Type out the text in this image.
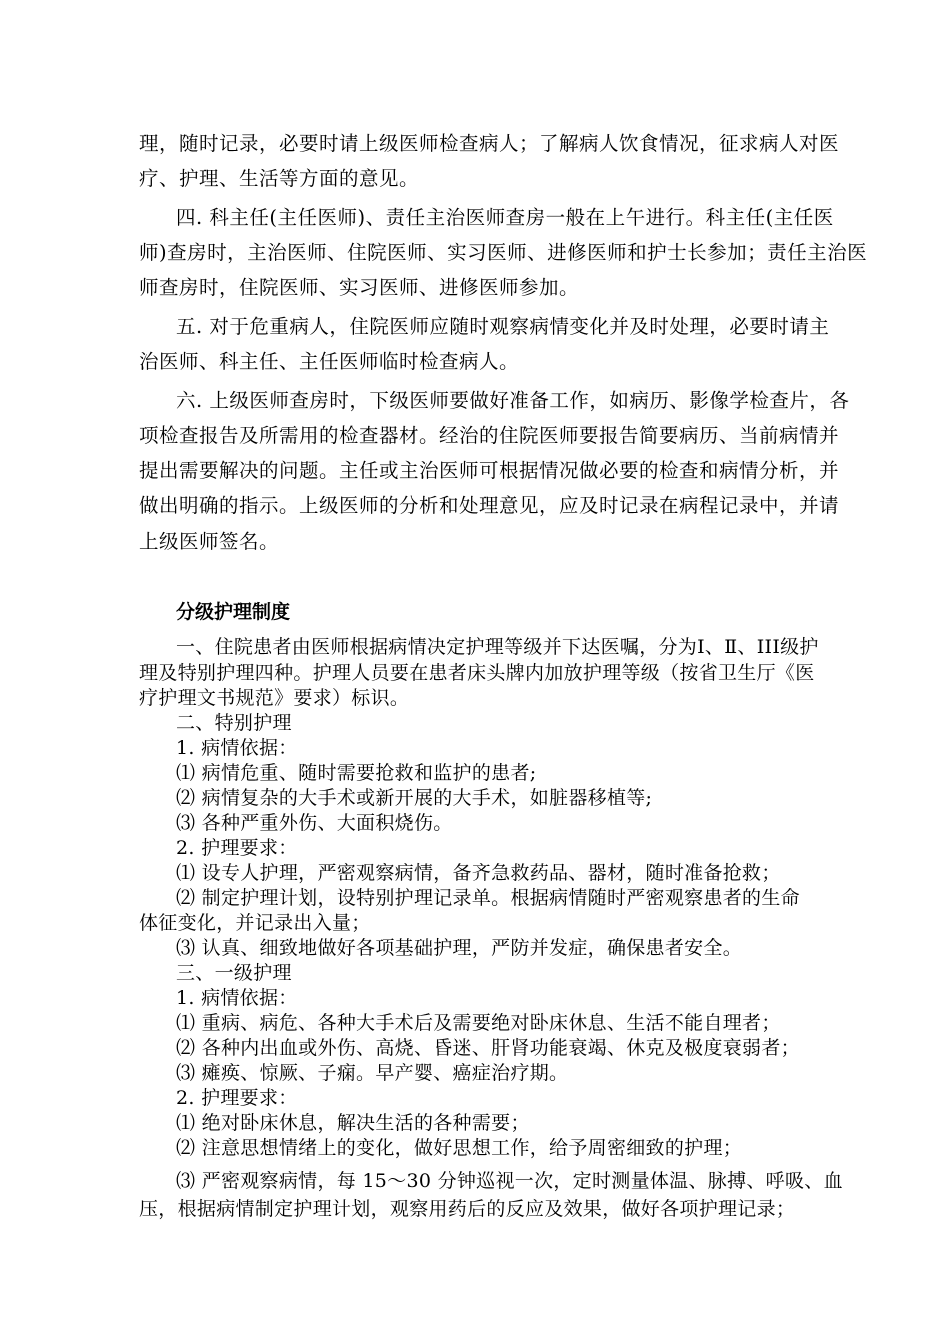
理，随时记录，必要时请上级医师检查病人；了解病人饮食情况，征求病人对医
疗、护理、生活等方面的意见。
四. 科主任(主任医师)、责任主治医师查房一般在上午进行。科主任(主任医
师)查房时，主治医师、住院医师、实习医师、进修医师和护士长参加；责任主治医
师查房时，住院医师、实习医师、进修医师参加。
五. 对于危重病人，住院医师应随时观察病情变化并及时处理，必要时请主
治医师、科主任、主任医师临时检查病人。
六. 上级医师查房时，下级医师要做好准备工作，如病历、影像学检查片，各
项检查报告及所需用的检查器材。经治的住院医师要报告简要病历、当前病情并
提出需要解决的问题。主任或主治医师可根据情况做必要的检查和病情分析，并
做出明确的指示。上级医师的分析和处理意见，应及时记录在病程记录中，并请
上级医师签名。
分级护理制度
一、住院患者由医师根据病情决定护理等级并下达医嘱，分为Ⅰ、Ⅱ、III级护
理及特别护理四种。护理人员要在患者床头牌内加放护理等级（按省卫生厅《医
疗护理文书规范》要求）标识。
二、特别护理
1. 病情依据：
⑴ 病情危重、随时需要抢救和监护的患者;
⑵ 病情复杂的大手术或新开展的大手术，如脏器移植等;
⑶ 各种严重外伤、大面积烧伤。
2. 护理要求：
⑴ 设专人护理，严密观察病情，备齐急救药品、器材，随时准备抢救；
⑵ 制定护理计划，设特别护理记录单。根据病情随时严密观察患者的生命
体征变化，并记录出入量；
⑶ 认真、细致地做好各项基础护理，严防并发症，确保患者安全。
三、一级护理
1. 病情依据：
⑴ 重病、病危、各种大手术后及需要绝对卧床休息、生活不能自理者；
⑵ 各种内出血或外伤、高烧、昏迷、肝肾功能衰竭、休克及极度衰弱者；
⑶ 瘫痪、惊厥、子痫。早产婴、癌症治疗期。
2. 护理要求：
⑴ 绝对卧床休息，解决生活的各种需要；
⑵ 注意思想情绪上的变化，做好思想工作，给予周密细致的护理；
⑶ 严密观察病情，每 15～30 分钟巡视一次，定时测量体温、脉搏、呼吸、血
压，根据病情制定护理计划，观察用药后的反应及效果，做好各项护理记录；
